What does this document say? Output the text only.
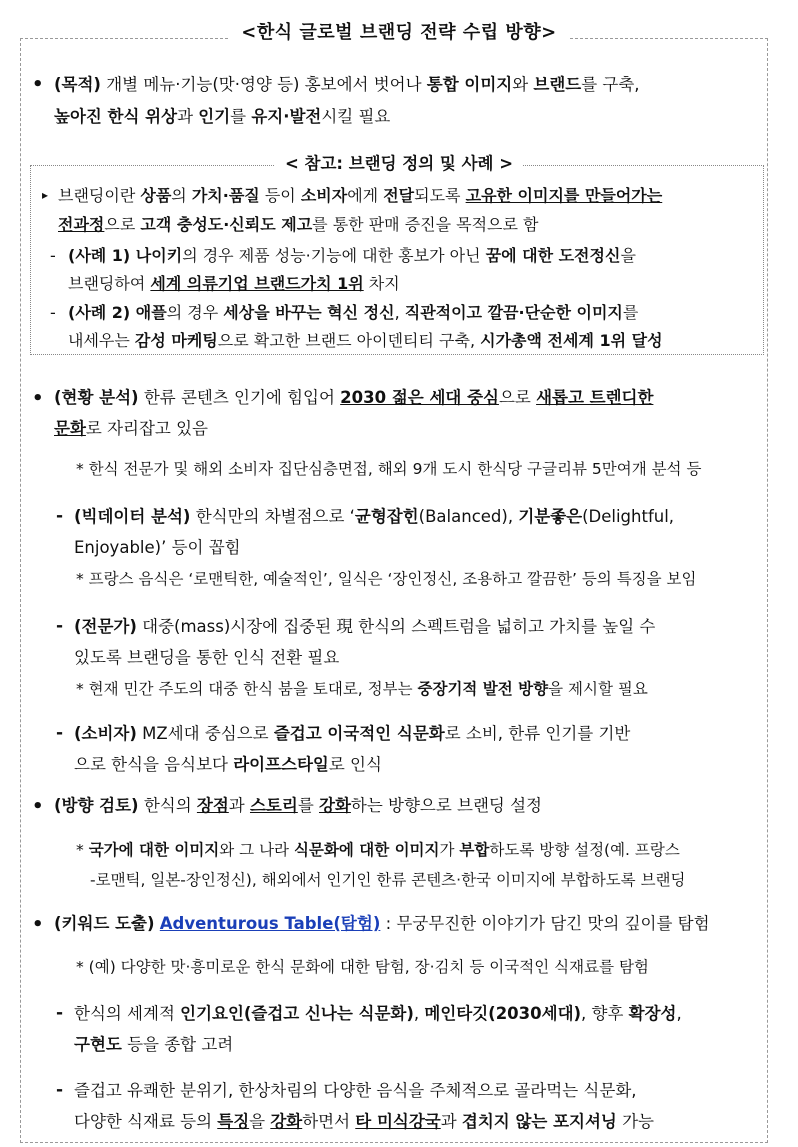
<한식 글로벌 브랜딩 전략 수립 방향>
• (목적) 개별 메뉴·기능(맛·영양 등) 홍보에서 벗어나 통합 이미지와 브랜드를 구축,
높아진 한식 위상과 인기를 유지·발전시킬 필요
< 참고: 브랜딩 정의 및 사례 >
▸ 브랜딩이란 상품의 가치·품질 등이 소비자에게 전달되도록 고유한 이미지를 만들어가는
전과정으로 고객 충성도·신뢰도 제고를 통한 판매 증진을 목적으로 함
- (사례 1) 나이키의 경우 제품 성능·기능에 대한 홍보가 아닌 꿈에 대한 도전정신을
브랜딩하여 세계 의류기업 브랜드가치 1위 차지
- (사례 2) 애플의 경우 세상을 바꾸는 혁신 정신, 직관적이고 깔끔·단순한 이미지를
내세우는 감성 마케팅으로 확고한 브랜드 아이덴티티 구축, 시가총액 전세계 1위 달성
• (현황 분석) 한류 콘텐츠 인기에 힘입어 2030 젊은 세대 중심으로 새롭고 트렌디한
문화로 자리잡고 있음
* 한식 전문가 및 해외 소비자 집단심층면접, 해외 9개 도시 한식당 구글리뷰 5만여개 분석 등
- (빅데이터 분석) 한식만의 차별점으로 ‘균형잡힌(Balanced), 기분좋은(Delightful,
Enjoyable)’ 등이 꼽힘
* 프랑스 음식은 ‘로맨틱한, 예술적인’, 일식은 ‘장인정신, 조용하고 깔끔한’ 등의 특징을 보임
- (전문가) 대중(mass)시장에 집중된 現 한식의 스펙트럼을 넓히고 가치를 높일 수
있도록 브랜딩을 통한 인식 전환 필요
* 현재 민간 주도의 대중 한식 붐을 토대로, 정부는 중장기적 발전 방향을 제시할 필요
- (소비자) MZ세대 중심으로 즐겁고 이국적인 식문화로 소비, 한류 인기를 기반
으로 한식을 음식보다 라이프스타일로 인식
• (방향 검토) 한식의 장점과 스토리를 강화하는 방향으로 브랜딩 설정
* 국가에 대한 이미지와 그 나라 식문화에 대한 이미지가 부합하도록 방향 설정(예. 프랑스
-로맨틱, 일본-장인정신), 해외에서 인기인 한류 콘텐츠·한국 이미지에 부합하도록 브랜딩
• (키워드 도출) Adventurous Table(탐험) : 무궁무진한 이야기가 담긴 맛의 깊이를 탐험
* (예) 다양한 맛·흥미로운 한식 문화에 대한 탐험, 장·김치 등 이국적인 식재료를 탐험
- 한식의 세계적 인기요인(즐겁고 신나는 식문화), 메인타깃(2030세대), 향후 확장성,
구현도 등을 종합 고려
- 즐겁고 유쾌한 분위기, 한상차림의 다양한 음식을 주체적으로 골라먹는 식문화,
다양한 식재료 등의 특징을 강화하면서 타 미식강국과 겹치지 않는 포지셔닝 가능
